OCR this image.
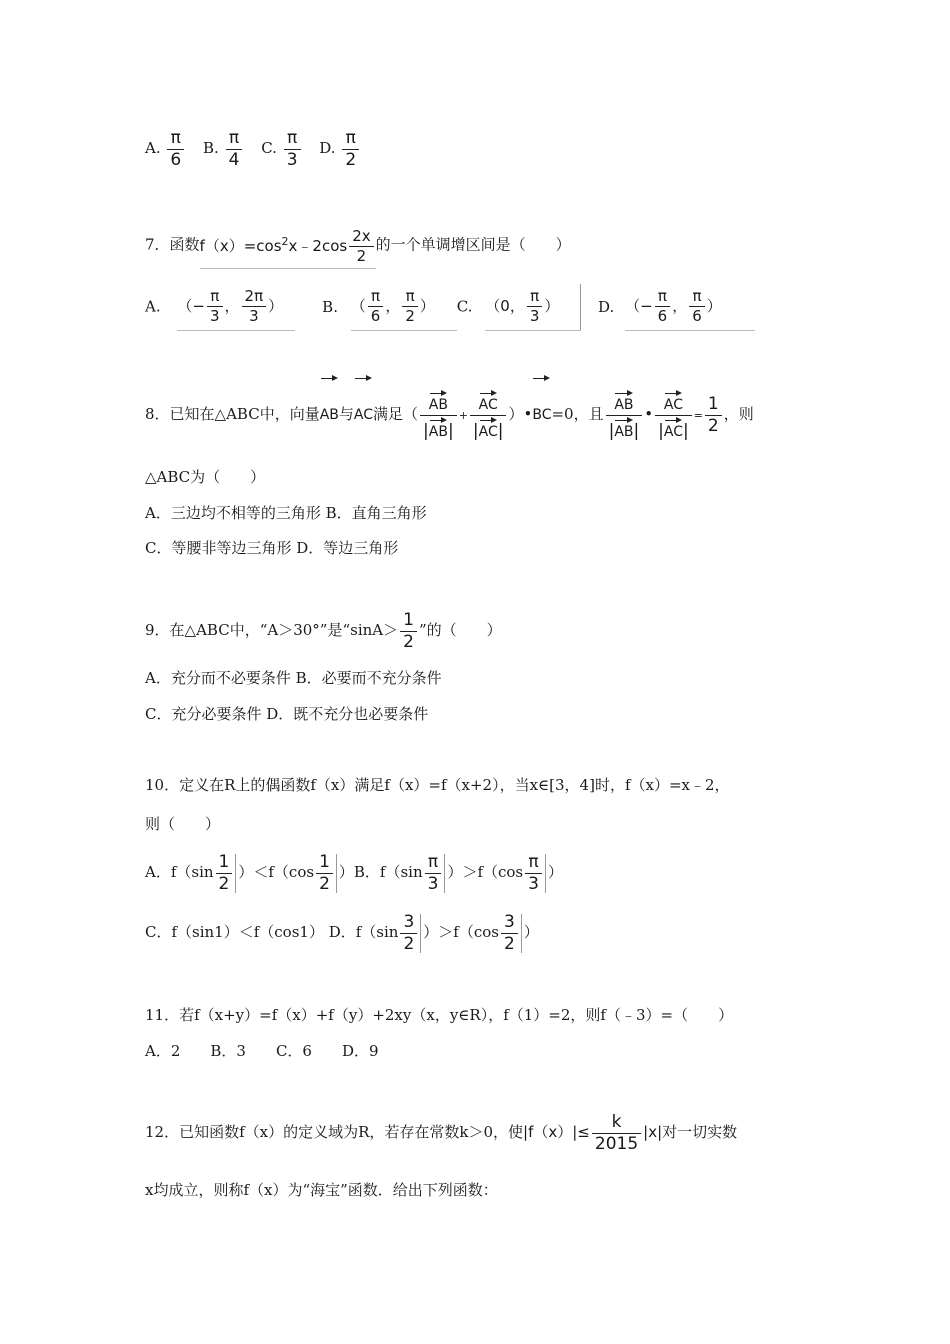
A. $\frac{\pi}{6} B$. $\frac{\pi}{4} C$. $\frac{\pi}{3} D$. $\frac{\pi}{2}$
7．函数$f(x)=\cos^2x﹣2\cos \frac{2x}{2}$ 的一个单调增区间是（　　）
A. （− $\frac{\pi}{3}$ ， $\frac{2\pi}{3}$ ）	B. （ $\frac{\pi}{6}$ ， $\frac{\pi}{2}$ ） C. （0， $\frac{\pi}{3}$ ）	D. （− $\frac{\pi}{6}$ ， $\frac{\pi}{6}$ ）
8．已知在△ABC中，向量AB与AC满足（ $\frac{AB}{|AB|} + \frac{AC}{|AC|}$ ）•BC=0，且 $\frac{AB}{|AB|}$ • $\frac{AC}{|AC|} = \frac{1}{2}$ ，则
△ABC为（　　）
A．三边均不相等的三角形 B．直角三角形
C．等腰非等边三角形 D．等边三角形
9．在△ABC中，“A＞30°”是“$\sin A> \frac{1}{2}$ ”的（　　）
A．充分而不必要条件 B．必要而不充分条件
C．充分必要条件 D．既不充分也必要条件
10．定义在R上的偶函数f（x）满足f（x）=f（x+2），当x∈[3，4]时，f（x）=x﹣2，
则（　　）
A．$f(\sin \frac{1}{2} )<f(\cos \frac{1}{2} )B$．$f(\sin \frac{\pi}{3} )>f(\cos \frac{\pi}{3}$ ）
C．f（sin1）＜f（cos1） D．$f(\sin \frac{3}{2} )>f(\cos \frac{3}{2}$ ）
11．若f（x+y）=f（x）+f（y）+2xy（x，y∈R），f（1）=2，则f（﹣3）=（　　）
A．2　　B．3　　C．6　　D．9
12．已知函数f（x）的定义域为R，若存在常数k＞0，使$|f(x)|\le \frac{k}{2015} |x|$对一切实数
x均成立，则称f（x）为“海宝”函数．给出下列函数：
